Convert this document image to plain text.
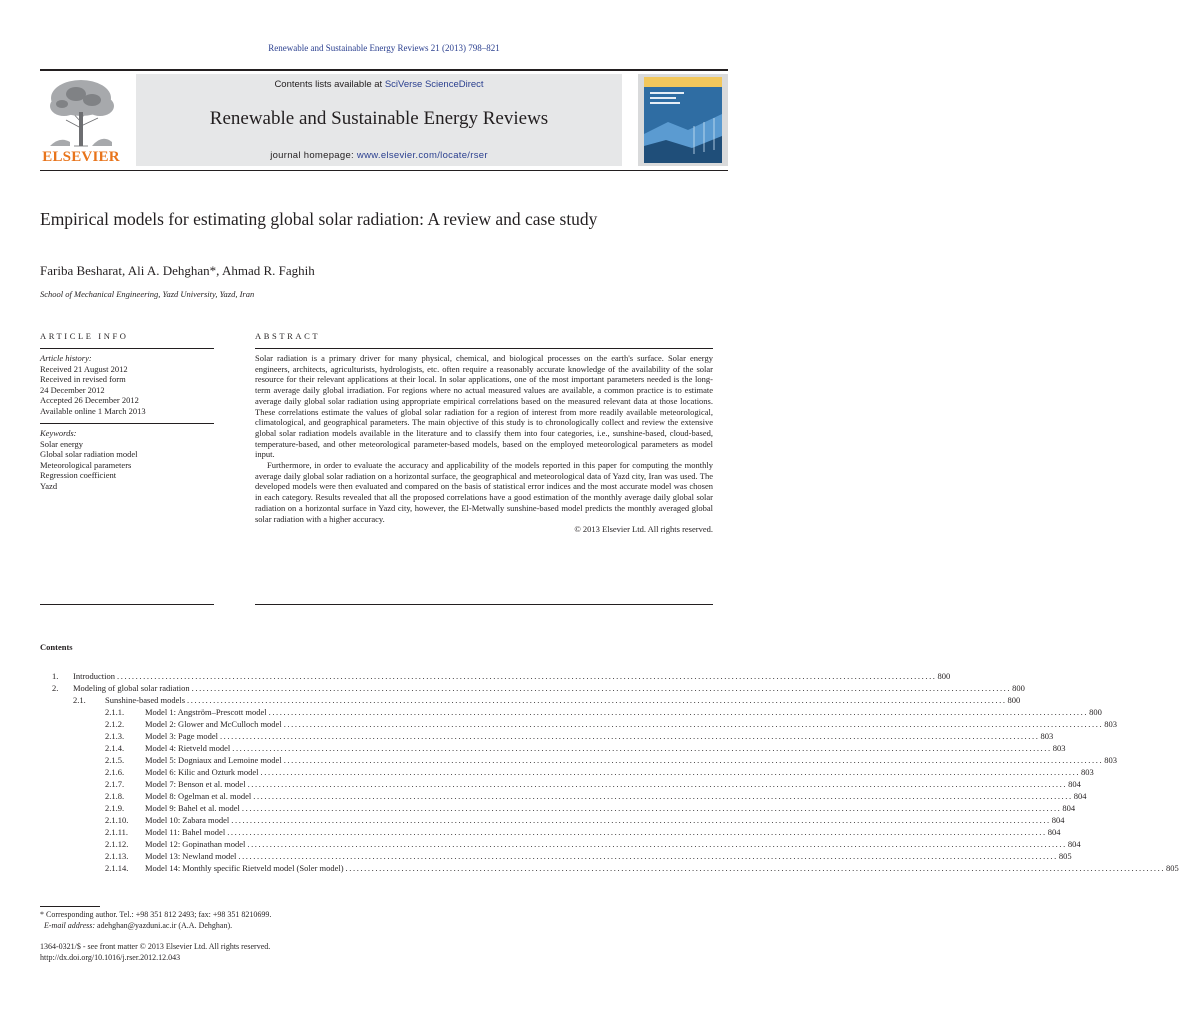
Renewable and Sustainable Energy Reviews 21 (2013) 798–821
ELSEVIER
Contents lists available at SciVerse ScienceDirect
Renewable and Sustainable Energy Reviews
journal homepage: www.elsevier.com/locate/rser
Empirical models for estimating global solar radiation: A review and case study
Fariba Besharat, Ali A. Dehghan*, Ahmad R. Faghih
School of Mechanical Engineering, Yazd University, Yazd, Iran
ARTICLE INFO
Article history:
Received 21 August 2012
Received in revised form
24 December 2012
Accepted 26 December 2012
Available online 1 March 2013
Keywords:
Solar energy
Global solar radiation model
Meteorological parameters
Regression coefficient
Yazd
ABSTRACT

Solar radiation is a primary driver for many physical, chemical, and biological processes on the earth's surface. Solar energy engineers, architects, agriculturists, hydrologists, etc. often require a reasonably accurate knowledge of the availability of the solar resource for their relevant applications at their local. In solar applications, one of the most important parameters needed is the long-term average daily global irradiation. For regions where no actual measured values are available, a common practice is to estimate average daily global solar radiation using appropriate empirical correlations based on the measured relevant data at those locations. These correlations estimate the values of global solar radiation for a region of interest from more readily available meteorological, climatological, and geographical parameters. The main objective of this study is to chronologically collect and review the extensive global solar radiation models available in the literature and to classify them into four categories, i.e., sunshine-based, cloud-based, temperature-based, and other meteorological parameter-based models, based on the employed meteorological parameters as model input.

Furthermore, in order to evaluate the accuracy and applicability of the models reported in this paper for computing the monthly average daily global solar radiation on a horizontal surface, the geographical and meteorological data of Yazd city, Iran was used. The developed models were then evaluated and compared on the basis of statistical error indices and the most accurate model was chosen in each category. Results revealed that all the proposed correlations have a good estimation of the monthly average daily global solar radiation on a horizontal surface in Yazd city, however, the El-Metwally sunshine-based model predicts the monthly averaged global solar radiation with a higher accuracy.

© 2013 Elsevier Ltd. All rights reserved.
Contents
1. Introduction ............................................................................................................................................................................................................................ 800
2. Modeling of global solar radiation ............................................................................................................................................................................................................................ 800
2.1. Sunshine-based models ............................................................................................................................................................................................................................ 800
2.1.1. Model 1: Angström–Prescott model ............................................................................................................................................................................................................................ 800
2.1.2. Model 2: Glower and McCulloch model ............................................................................................................................................................................................................................ 803
2.1.3. Model 3: Page model ............................................................................................................................................................................................................................ 803
2.1.4. Model 4: Rietveld model ............................................................................................................................................................................................................................ 803
2.1.5. Model 5: Dogniaux and Lemoine model ............................................................................................................................................................................................................................ 803
2.1.6. Model 6: Kilic and Ozturk model ............................................................................................................................................................................................................................ 803
2.1.7. Model 7: Benson et al. model ............................................................................................................................................................................................................................ 804
2.1.8. Model 8: Ogelman et al. model ............................................................................................................................................................................................................................ 804
2.1.9. Model 9: Bahel et al. model ............................................................................................................................................................................................................................ 804
2.1.10. Model 10: Zabara model ............................................................................................................................................................................................................................ 804
2.1.11. Model 11: Bahel model ............................................................................................................................................................................................................................ 804
2.1.12. Model 12: Gopinathan model ............................................................................................................................................................................................................................ 804
2.1.13. Model 13: Newland model ............................................................................................................................................................................................................................ 805
2.1.14. Model 14: Monthly specific Rietveld model (Soler model) ............................................................................................................................................................................................................................ 805
* Corresponding author. Tel.: +98 351 812 2493; fax: +98 351 8210699.
E-mail address: adehghan@yazduni.ac.ir (A.A. Dehghan).
1364-0321/$ - see front matter © 2013 Elsevier Ltd. All rights reserved.
http://dx.doi.org/10.1016/j.rser.2012.12.043
